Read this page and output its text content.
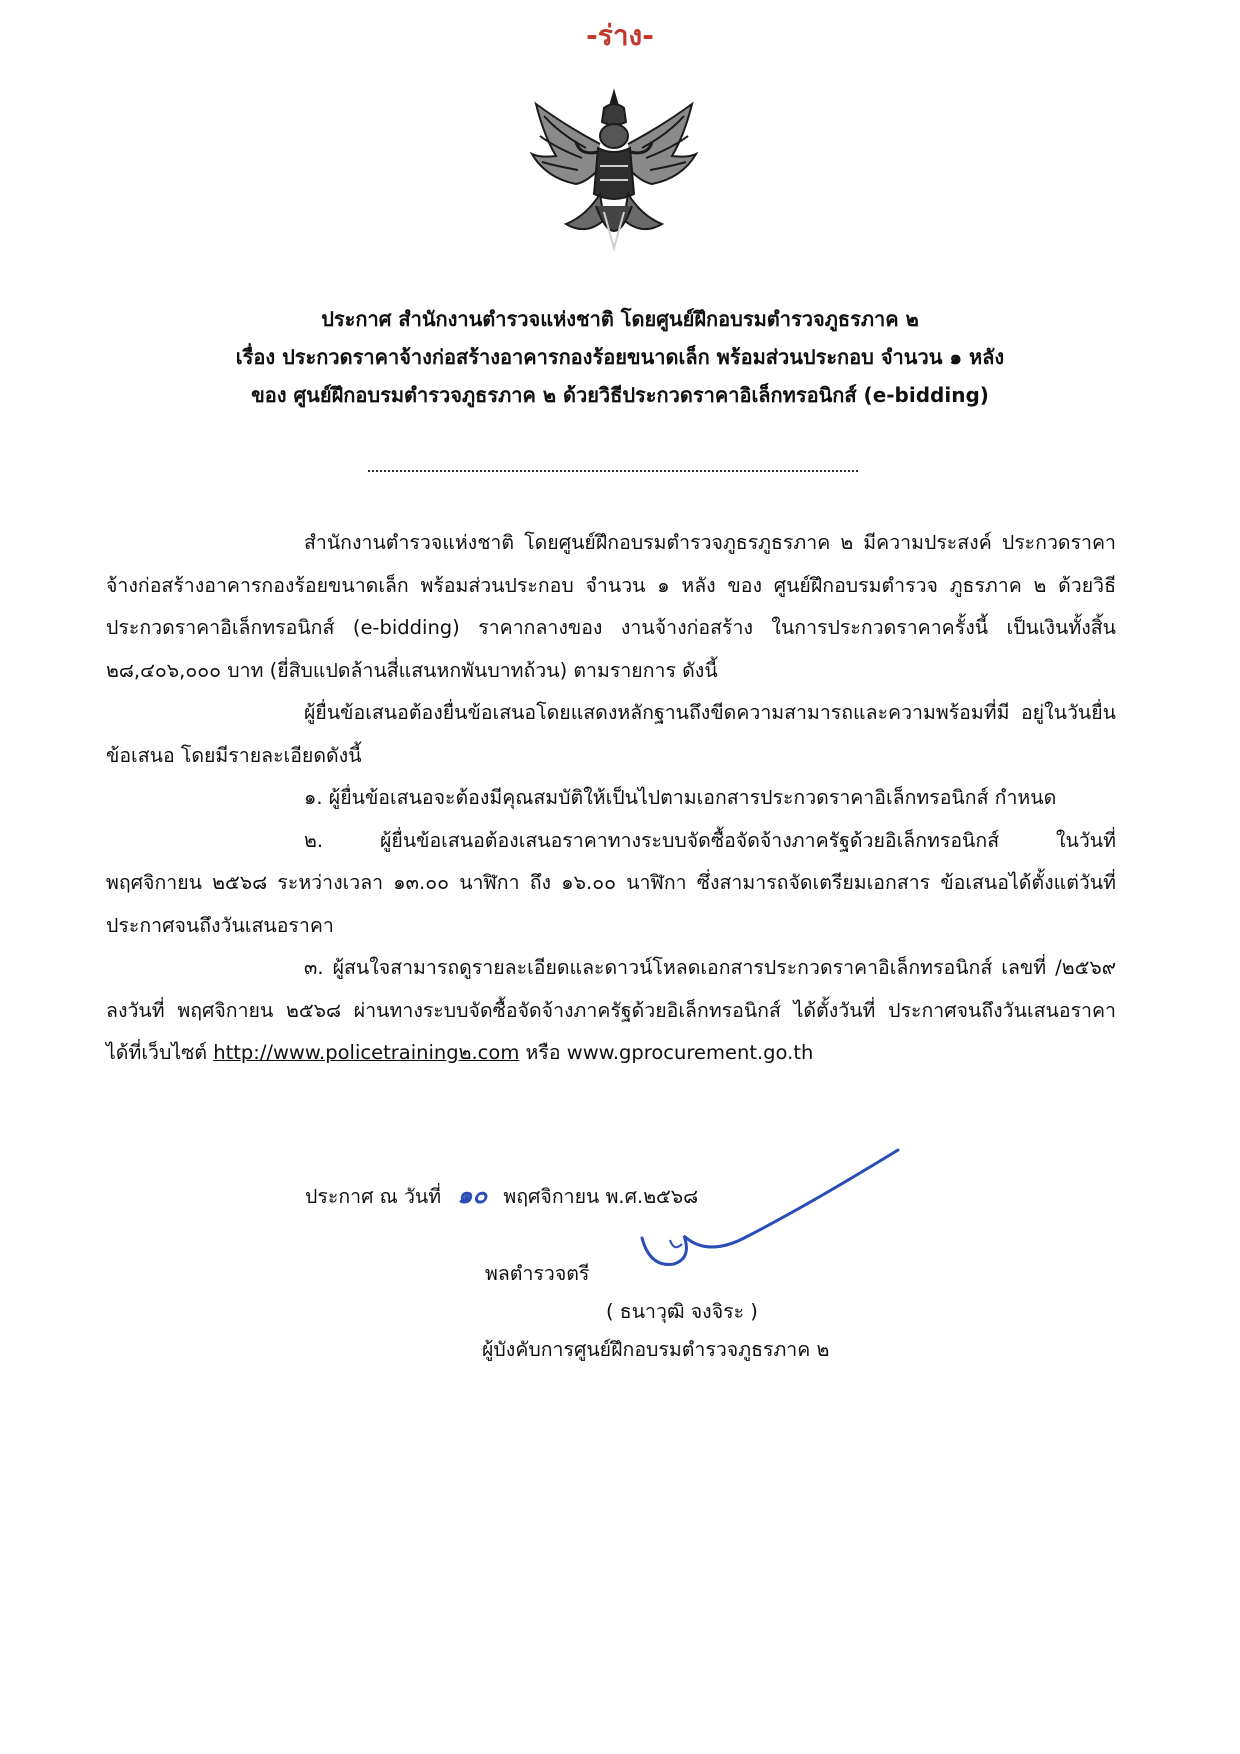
-ร่าง-
ประกาศ สำนักงานตำรวจแห่งชาติ โดยศูนย์ฝึกอบรมตำรวจภูธรภาค ๒
เรื่อง ประกวดราคาจ้างก่อสร้างอาคารกองร้อยขนาดเล็ก พร้อมส่วนประกอบ จำนวน ๑ หลัง
ของ ศูนย์ฝึกอบรมตำรวจภูธรภาค ๒ ด้วยวิธีประกวดราคาอิเล็กทรอนิกส์ (e-bidding)

สำนักงานตำรวจแห่งชาติ โดยศูนย์ฝึกอบรมตำรวจภูธรภูธรภาค ๒ มีความประสงค์ ประกวดราคาจ้างก่อสร้างอาคารกองร้อยขนาดเล็ก พร้อมส่วนประกอบ จำนวน ๑ หลัง ของ ศูนย์ฝึกอบรมตำรวจ ภูธรภาค ๒ ด้วยวิธีประกวดราคาอิเล็กทรอนิกส์ (e-bidding) ราคากลางของ งานจ้างก่อสร้าง ในการประกวดราคาครั้งนี้ เป็นเงินทั้งสิ้น ๒๘,๔๐๖,๐๐๐ บาท (ยี่สิบแปดล้านสี่แสนหกพันบาทถ้วน) ตามรายการ ดังนี้

ผู้ยื่นข้อเสนอต้องยื่นข้อเสนอโดยแสดงหลักฐานถึงขีดความสามารถและความพร้อมที่มี อยู่ในวันยื่นข้อเสนอ โดยมีรายละเอียดดังนี้

๑. ผู้ยื่นข้อเสนอจะต้องมีคุณสมบัติให้เป็นไปตามเอกสารประกวดราคาอิเล็กทรอนิกส์ กำหนด

๒. ผู้ยื่นข้อเสนอต้องเสนอราคาทางระบบจัดซื้อจัดจ้างภาครัฐด้วยอิเล็กทรอนิกส์ ในวันที่ พฤศจิกายน ๒๕๖๘ ระหว่างเวลา ๑๓.๐๐ นาฬิกา ถึง ๑๖.๐๐ นาฬิกา ซึ่งสามารถจัดเตรียมเอกสาร ข้อเสนอได้ตั้งแต่วันที่ ประกาศจนถึงวันเสนอราคา

๓. ผู้สนใจสามารถดูรายละเอียดและดาวน์โหลดเอกสารประกวดราคาอิเล็กทรอนิกส์ เลขที่ /๒๕๖๙ ลงวันที่ พฤศจิกายน ๒๕๖๘ ผ่านทางระบบจัดซื้อจัดจ้างภาครัฐด้วยอิเล็กทรอนิกส์ ได้ตั้งวันที่ ประกาศจนถึงวันเสนอราคาได้ที่เว็บไซต์ http://www.policetraining๒.com หรือ www.gprocurement.go.th

ประกาศ ณ วันที่ ๑๐ พฤศจิกายน พ.ศ.๒๕๖๘
พลตำรวจตรี
( ธนาวุฒิ จงจิระ )
ผู้บังคับการศูนย์ฝึกอบรมตำรวจภูธรภาค ๒
